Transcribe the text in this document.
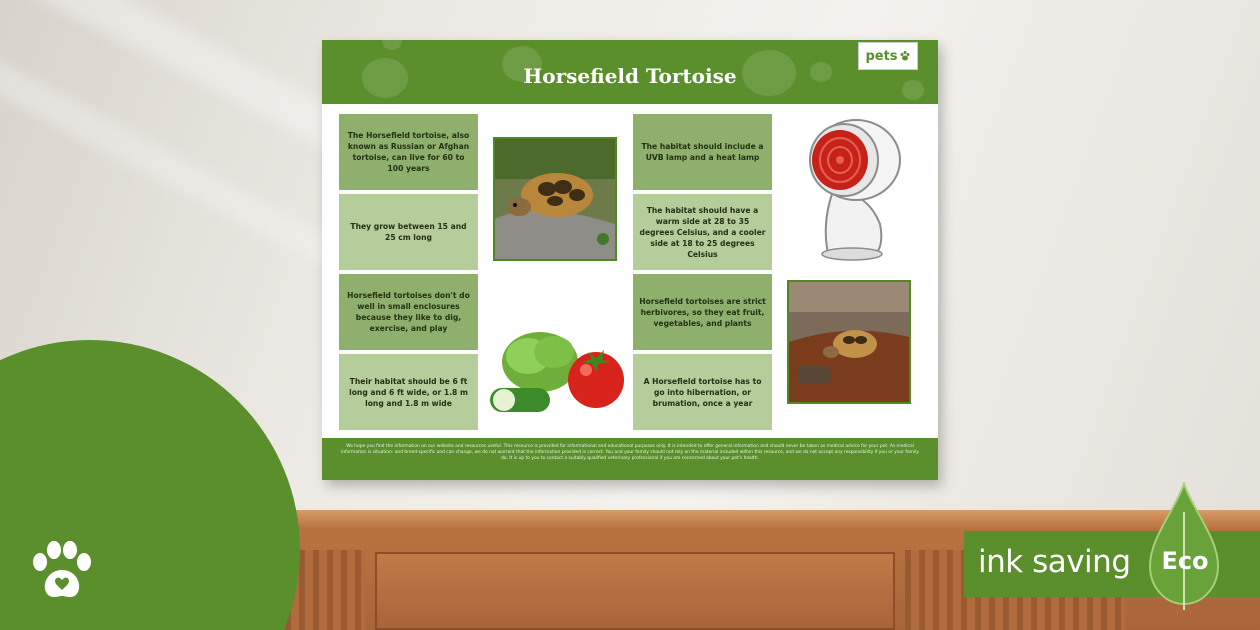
Horsefield Tortoise
pets
The Horsefield tortoise, also known as Russian or Afghan tortoise, can live for 60 to 100 years
They grow between 15 and 25 cm long
Horsefield tortoises don't do well in small enclosures because they like to dig, exercise, and play
Their habitat should be 6 ft long and 6 ft wide, or 1.8 m long and 1.8 m wide
The habitat should include a UVB lamp and a heat lamp
The habitat should have a warm side at 28 to 35 degrees Celsius, and a cooler side at 18 to 25 degrees Celsius
Horsefield tortoises are strict herbivores, so they eat fruit, vegetables, and plants
A Horsefield tortoise has to go into hibernation, or brumation, once a year
We hope you find the information on our website and resources useful. This resource is provided for informational and educational purposes only. It is intended to offer general information and should never be taken as medical advice for your pet. As medical information is situation- and breed-specific and can change, we do not warrant that the information provided is correct. You and your family should not rely on the material included within this resource, and we do not accept any responsibility if you or your family do. It is up to you to contact a suitably qualified veterinary professional if you are concerned about your pet's health.
ink saving Eco
